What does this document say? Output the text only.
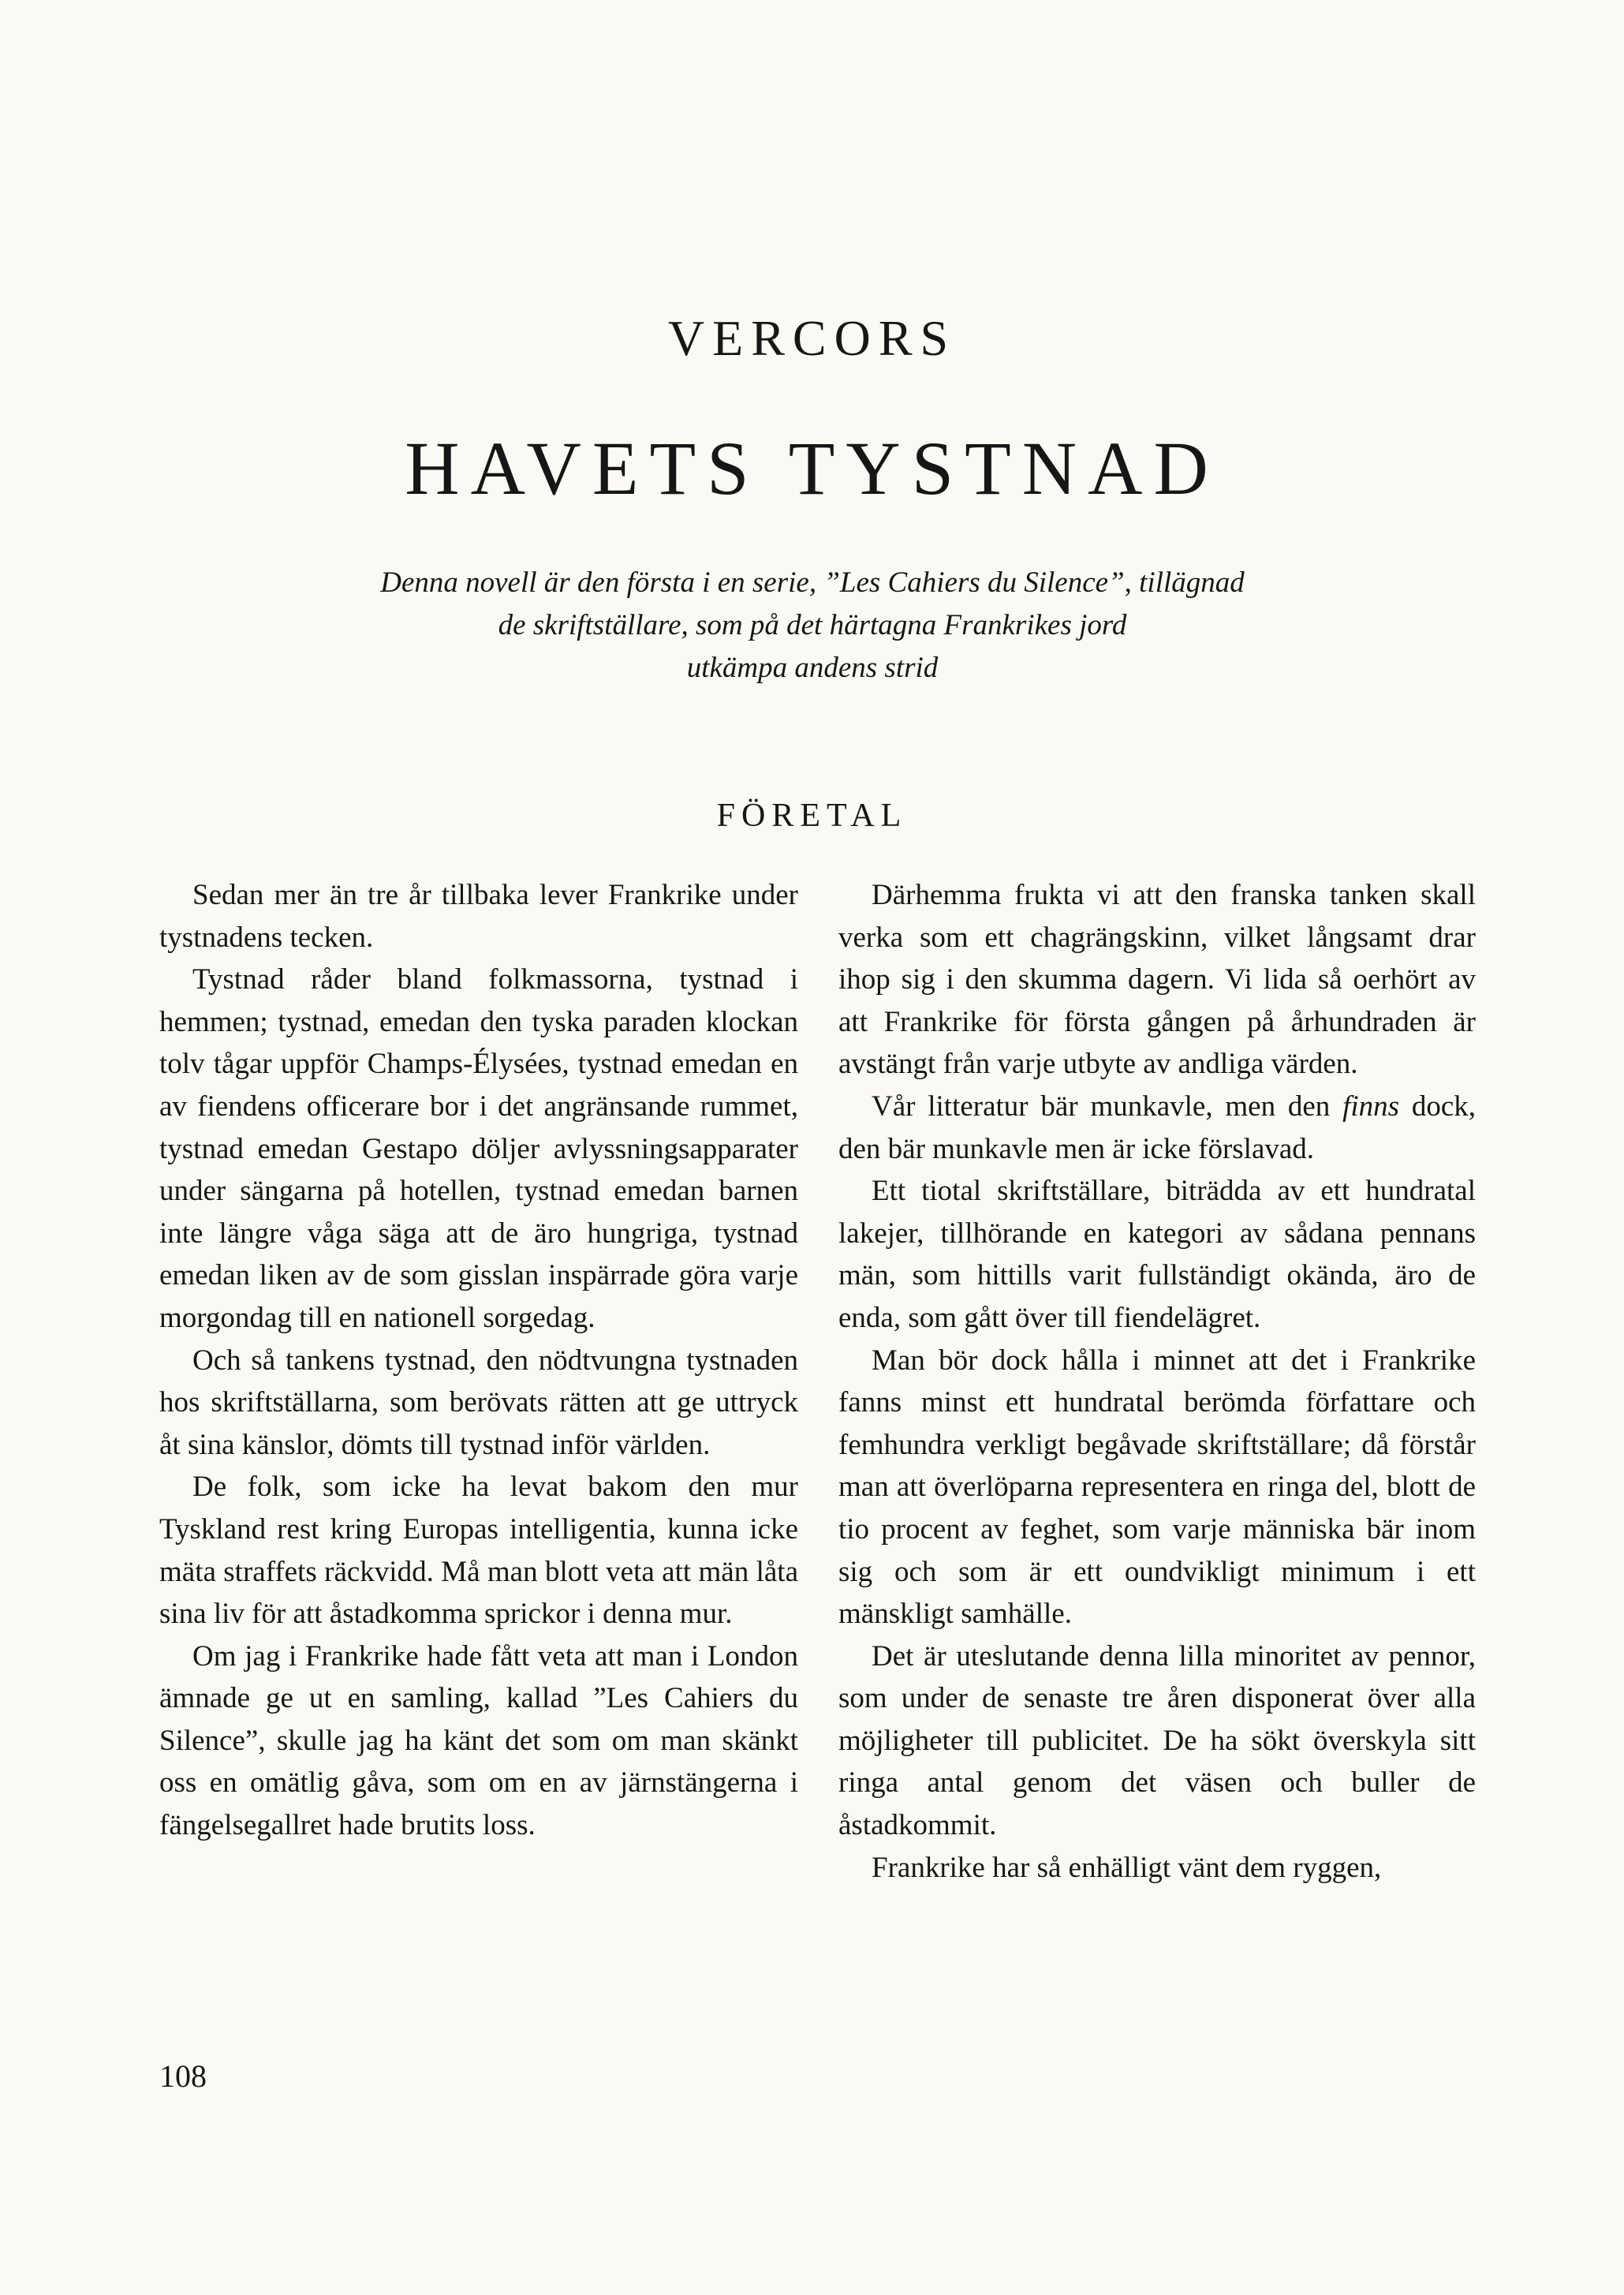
VERCORS
HAVETS TYSTNAD
Denna novell är den första i en serie, ”Les Cahiers du Silence”, tillägnad
de skriftställare, som på det härtagna Frankrikes jord
utkämpa andens strid
FÖRETAL

Sedan mer än tre år tillbaka lever Frankrike under tystnadens tecken.

Tystnad råder bland folkmassorna, tystnad i hemmen; tystnad, emedan den tyska paraden klockan tolv tågar uppför Champs-Élysées, tystnad emedan en av fiendens officerare bor i det angränsande rummet, tystnad emedan Gestapo döljer avlyssningsapparater under sängarna på hotellen, tystnad emedan barnen inte längre våga säga att de äro hungriga, tystnad emedan liken av de som gisslan inspärrade göra varje morgondag till en nationell sorgedag.

Och så tankens tystnad, den nödtvungna tystnaden hos skriftställarna, som berövats rätten att ge uttryck åt sina känslor, dömts till tystnad inför världen.

De folk, som icke ha levat bakom den mur Tyskland rest kring Europas intelligentia, kunna icke mäta straffets räckvidd. Må man blott veta att män låta sina liv för att åstadkomma sprickor i denna mur.

Om jag i Frankrike hade fått veta att man i London ämnade ge ut en samling, kallad ”Les Cahiers du Silence”, skulle jag ha känt det som om man skänkt oss en omätlig gåva, som om en av järnstängerna i fängelsegallret hade brutits loss.

Därhemma frukta vi att den franska tanken skall verka som ett chagrängskinn, vilket långsamt drar ihop sig i den skumma dagern. Vi lida så oerhört av att Frankrike för första gången på århundraden är avstängt från varje utbyte av andliga värden.

Vår litteratur bär munkavle, men den finns dock, den bär munkavle men är icke förslavad.

Ett tiotal skriftställare, biträdda av ett hundratal lakejer, tillhörande en kategori av sådana pennans män, som hittills varit fullständigt okända, äro de enda, som gått över till fiendelägret.

Man bör dock hålla i minnet att det i Frankrike fanns minst ett hundratal berömda författare och femhundra verkligt begåvade skriftställare; då förstår man att överlöparna representera en ringa del, blott de tio procent av feghet, som varje människa bär inom sig och som är ett oundvikligt minimum i ett mänskligt samhälle.

Det är uteslutande denna lilla minoritet av pennor, som under de senaste tre åren disponerat över alla möjligheter till publicitet. De ha sökt överskyla sitt ringa antal genom det väsen och buller de åstadkommit.

Frankrike har så enhälligt vänt dem ryggen,

108
